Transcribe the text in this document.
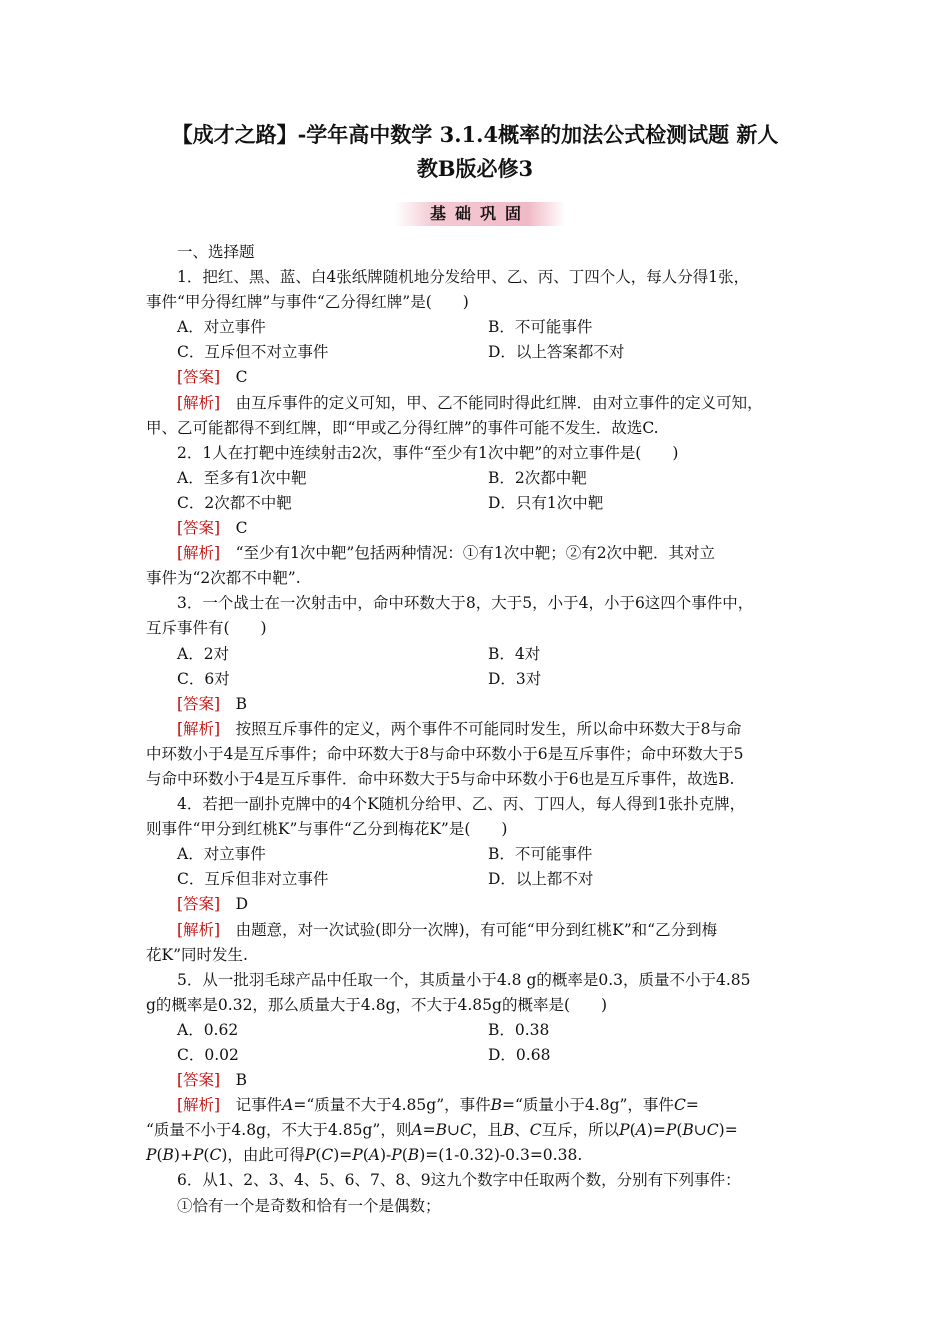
【成才之路】-学年高中数学 3.1.4概率的加法公式检测试题 新人
教B版必修3
基础巩固
一、选择题
1．把红、黑、蓝、白4张纸牌随机地分发给甲、乙、丙、丁四个人，每人分得1张，
事件“甲分得红牌”与事件“乙分得红牌”是(　　)
A．对立事件	B．不可能事件
C．互斥但不对立事件	D．以上答案都不对
[答案]　 C
[解析]　 由互斥事件的定义可知，甲、乙不能同时得此红牌．由对立事件的定义可知，
甲、乙可能都得不到红牌，即“甲或乙分得红牌”的事件可能不发生．故选C.
2．1人在打靶中连续射击2次，事件“至少有1次中靶”的对立事件是(　　)
A．至多有1次中靶	B．2次都中靶
C．2次都不中靶	D．只有1次中靶
[答案]　 C
[解析]　 “至少有1次中靶”包括两种情况：①有1次中靶；②有2次中靶．其对立
事件为“2次都不中靶”.
3．一个战士在一次射击中，命中环数大于8，大于5，小于4，小于6这四个事件中，
互斥事件有(　　)
A．2对	B．4对
C．6对	D．3对
[答案]　 B
[解析]　 按照互斥事件的定义，两个事件不可能同时发生，所以命中环数大于8与命
中环数小于4是互斥事件；命中环数大于8与命中环数小于6是互斥事件；命中环数大于5
与命中环数小于4是互斥事件．命中环数大于5与命中环数小于6也是互斥事件，故选B.
4．若把一副扑克牌中的4个K随机分给甲、乙、丙、丁四人，每人得到1张扑克牌，
则事件“甲分到红桃K”与事件“乙分到梅花K”是(　　)
A．对立事件	B．不可能事件
C．互斥但非对立事件	D．以上都不对
[答案]　 D
[解析]　 由题意，对一次试验(即分一次牌)，有可能“甲分到红桃K”和“乙分到梅
花K”同时发生.
5．从一批羽毛球产品中任取一个，其质量小于4.8 g的概率是0.3，质量不小于4.85
g的概率是0.32，那么质量大于4.8g，不大于4.85g的概率是(　　)
A．0.62	B．0.38
C．0.02	D．0.68
[答案]　 B
[解析]　 记事件A=“质量不大于4.85g”，事件B=“质量小于4.8g”，事件C=
“质量不小于4.8g，不大于4.85g”，则A=B∪C，且B、C互斥，所以P(A)=P(B∪C)=
P(B)+P(C)，由此可得P(C)=P(A)-P(B)=(1-0.32)-0.3=0.38.
6．从1、2、3、4、5、6、7、8、9这九个数字中任取两个数，分别有下列事件：
①恰有一个是奇数和恰有一个是偶数；
